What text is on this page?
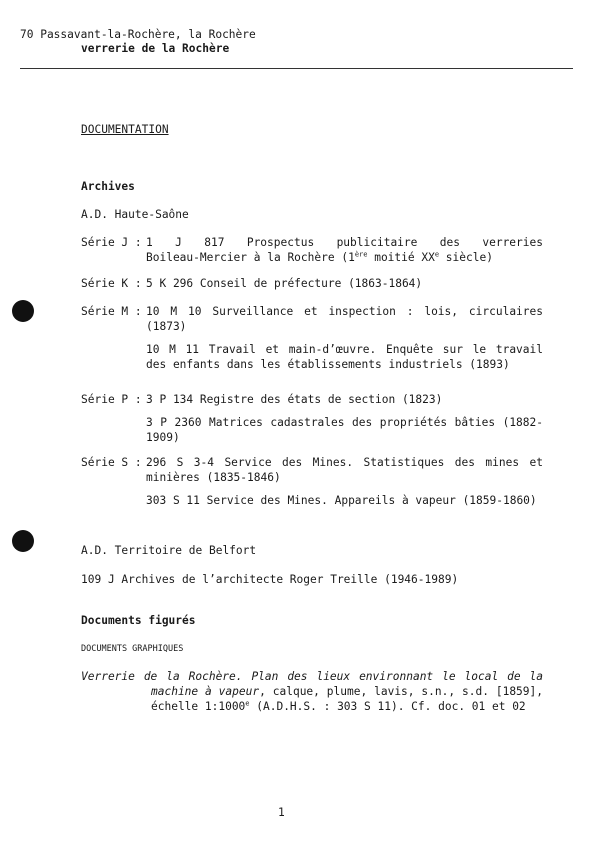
70 Passavant-la-Rochère, la Rochère
verrerie de la Rochère
DOCUMENTATION
Archives
A.D. Haute-Saône
Série J : 1 J 817 Prospectus publicitaire des verreries
Boileau-Mercier à la Rochère (1ère moitié XXe siècle)
Série K : 5 K 296 Conseil de préfecture (1863-1864)
Série M : 10 M 10 Surveillance et inspection : lois, circulaires (1873)
10 M 11 Travail et main-d’œuvre. Enquête sur le travail des enfants dans les établissements industriels (1893)
Série P : 3 P 134 Registre des états de section (1823)
3 P 2360 Matrices cadastrales des propriétés bâties (1882-1909)
Série S : 296 S 3-4 Service des Mines. Statistiques des mines et minières (1835-1846)
303 S 11 Service des Mines. Appareils à vapeur (1859-1860)
A.D. Territoire de Belfort
109 J Archives de l’architecte Roger Treille (1946-1989)
Documents figurés
DOCUMENTS GRAPHIQUES
Verrerie de la Rochère. Plan des lieux environnant le local de la machine à vapeur, calque, plume, lavis, s.n., s.d. [1859], échelle 1:1000e (A.D.H.S. : 303 S 11). Cf. doc. 01 et 02
1
